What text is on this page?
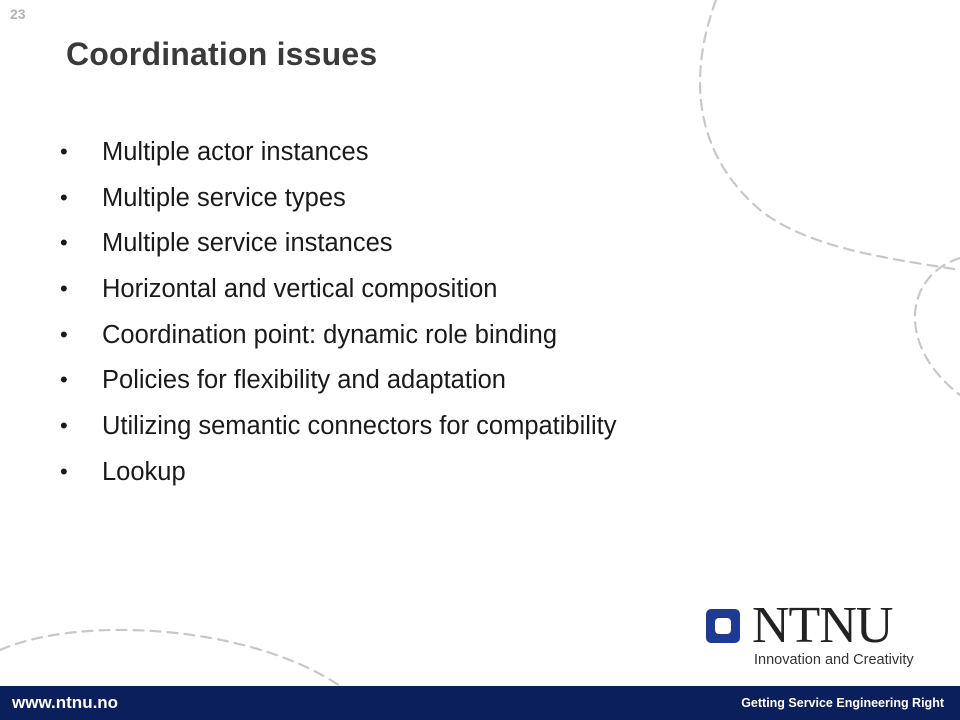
23
Coordination issues
• Multiple actor instances
• Multiple service types
• Multiple service instances
• Horizontal and vertical composition
• Coordination point: dynamic role binding
• Policies for flexibility and adaptation
• Utilizing semantic connectors for compatibility
• Lookup
NTNU
Innovation and Creativity
www.ntnu.no	Getting Service Engineering Right
